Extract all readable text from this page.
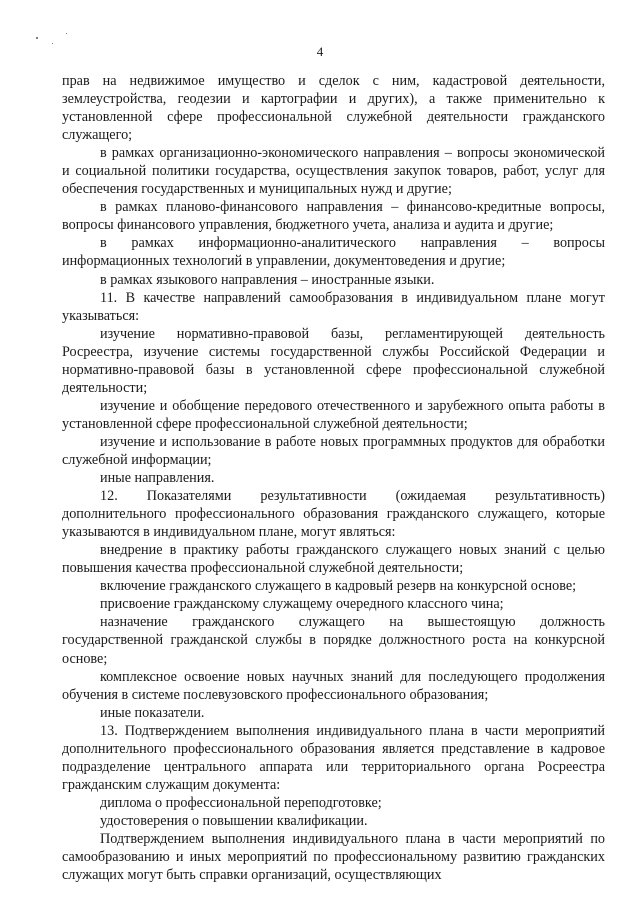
4

прав на недвижимое имущество и сделок с ним, кадастровой деятельности, землеустройства, геодезии и картографии и других), а также применительно к установленной сфере профессиональной служебной деятельности гражданского служащего;

в рамках организационно-экономического направления – вопросы экономической и социальной политики государства, осуществления закупок товаров, работ, услуг для обеспечения государственных и муниципальных нужд и другие;

в рамках планово-финансового направления – финансово-кредитные вопросы, вопросы финансового управления, бюджетного учета, анализа и аудита и другие;

в рамках информационно-аналитического направления – вопросы информационных технологий в управлении, документоведения и другие;

в рамках языкового направления – иностранные языки.

11. В качестве направлений самообразования в индивидуальном плане могут указываться:

изучение нормативно-правовой базы, регламентирующей деятельность Росреестра, изучение системы государственной службы Российской Федерации и нормативно-правовой базы в установленной сфере профессиональной служебной деятельности;

изучение и обобщение передового отечественного и зарубежного опыта работы в установленной сфере профессиональной служебной деятельности;

изучение и использование в работе новых программных продуктов для обработки служебной информации;

иные направления.

12. Показателями результативности (ожидаемая результативность) дополнительного профессионального образования гражданского служащего, которые указываются в индивидуальном плане, могут являться:

внедрение в практику работы гражданского служащего новых знаний с целью повышения качества профессиональной служебной деятельности;

включение гражданского служащего в кадровый резерв на конкурсной основе;

присвоение гражданскому служащему очередного классного чина;

назначение гражданского служащего на вышестоящую должность государственной гражданской службы в порядке должностного роста на конкурсной основе;

комплексное освоение новых научных знаний для последующего продолжения обучения в системе послевузовского профессионального образования;

иные показатели.

13. Подтверждением выполнения индивидуального плана в части мероприятий дополнительного профессионального образования является представление в кадровое подразделение центрального аппарата или территориального органа Росреестра гражданским служащим документа:

диплома о профессиональной переподготовке;

удостоверения о повышении квалификации.

Подтверждением выполнения индивидуального плана в части мероприятий по самообразованию и иных мероприятий по профессиональному развитию гражданских служащих могут быть справки организаций, осуществляющих
